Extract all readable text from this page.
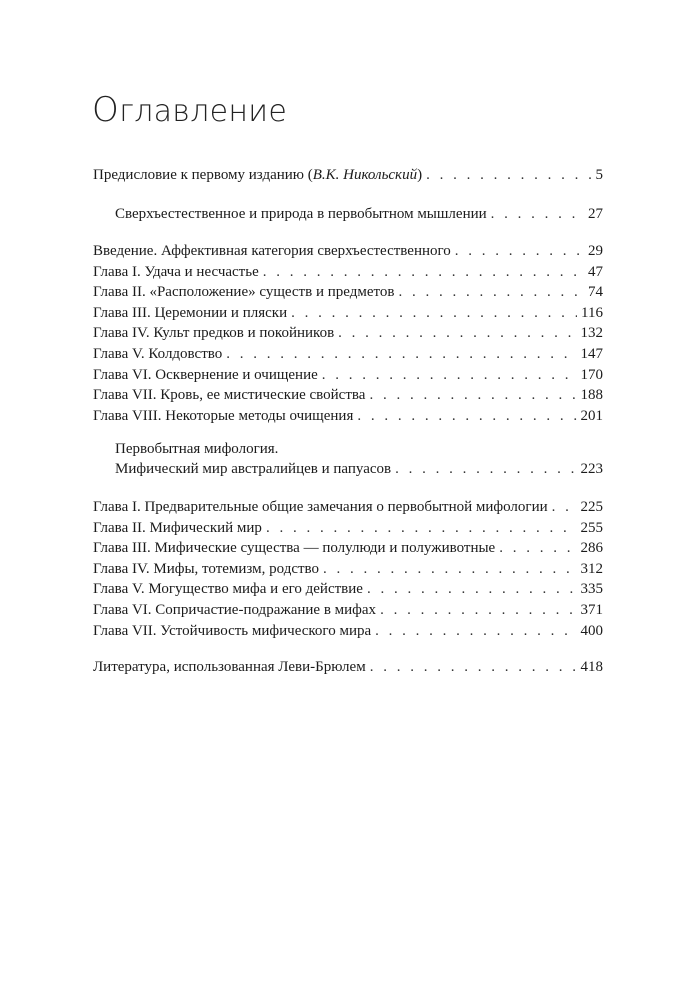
Оглавление
Предисловие к первому изданию (В.К. Никольский) . . .	5
Сверхъестественное и природа в первобытном мышлении . . .	27
Введение. Аффективная категория сверхъестественного . . .	29
Глава I. Удача и несчастье . . .	47
Глава II. «Расположение» существ и предметов . . .	74
Глава III. Церемонии и пляски . . .	116
Глава IV. Культ предков и покойников . . .	132
Глава V. Колдовство . . .	147
Глава VI. Осквернение и очищение . . .	170
Глава VII. Кровь, ее мистические свойства . . .	188
Глава VIII. Некоторые методы очищения . . .	201
Первобытная мифология.
Мифический мир австралийцев и папуасов . . .	223
Глава I. Предварительные общие замечания о первобытной мифологии . . . 225
Глава II. Мифический мир . . .	255
Глава III. Мифические существа — полулюди и полуживотные . . .	286
Глава IV. Мифы, тотемизм, родство . . .	312
Глава V. Могущество мифа и его действие . . .	335
Глава VI. Сопричастие-подражание в мифах . . .	371
Глава VII. Устойчивость мифического мира . . .	400
Литература, использованная Леви-Брюлем . . .	418
